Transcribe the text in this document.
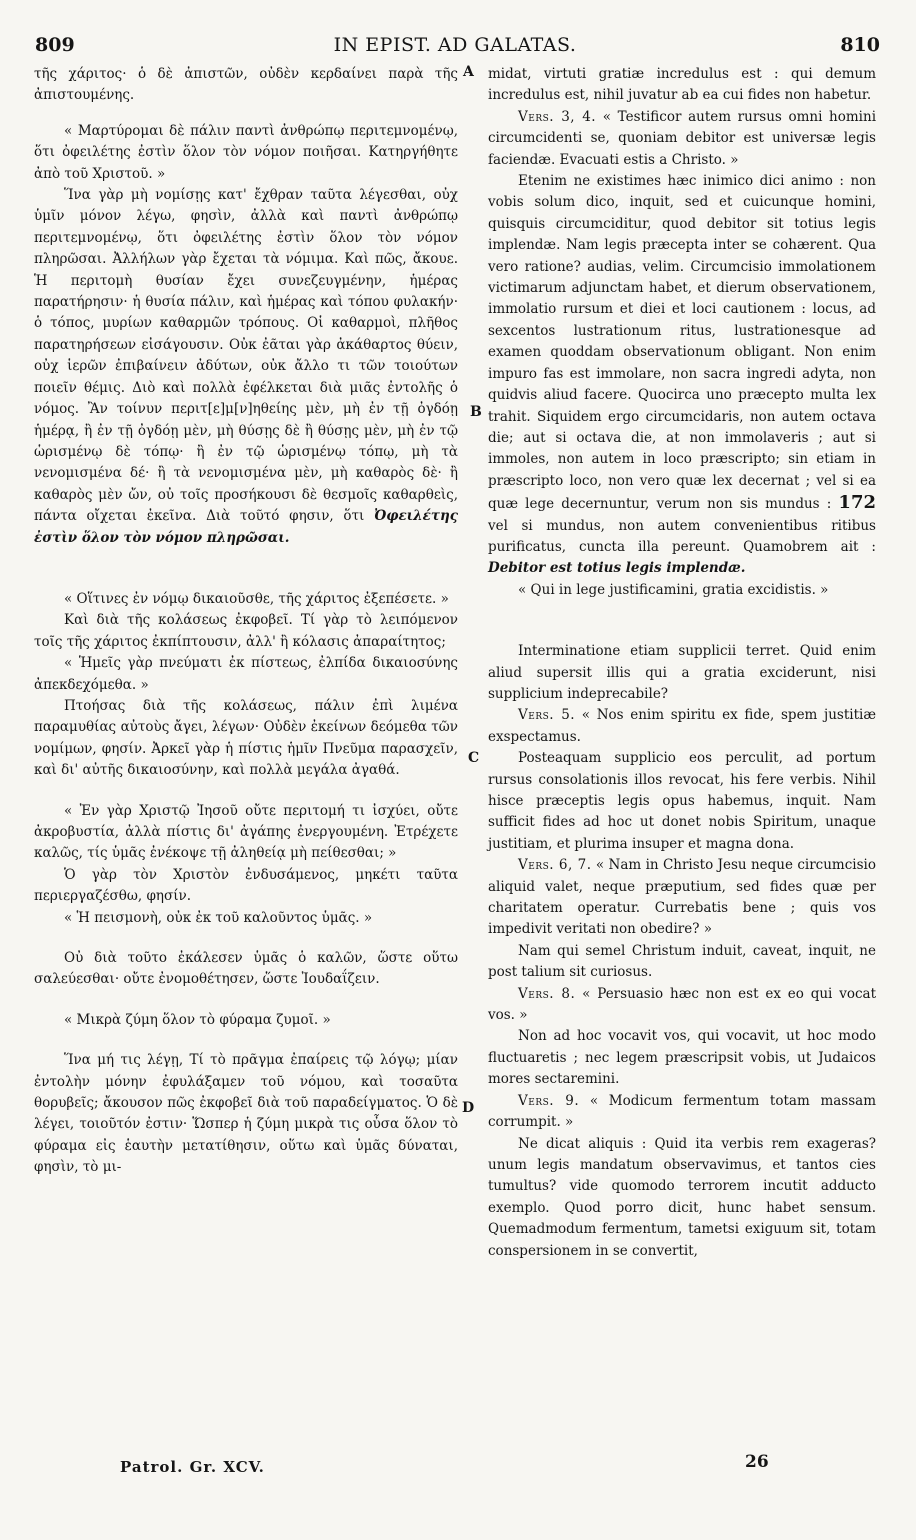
809	IN EPIST. AD GALATAS.	810

τῆς χάριτος· ὁ δὲ ἀπιστῶν, οὐδὲν κερδαίνει παρὰ τῆς ἀπιστουμένης.

« Μαρτύρομαι δὲ πάλιν παντὶ ἀνθρώπῳ περιτεμνομένῳ, ὅτι ὀφειλέτης ἐστὶν ὅλον τὸν νόμον ποιῆσαι. Κατηργήθητε ἀπὸ τοῦ Χριστοῦ. »

Ἵνα γὰρ μὴ νομίσῃς κατ' ἔχθραν ταῦτα λέγεσθαι, οὐχ ὑμῖν μόνον λέγω, φησὶν, ἀλλὰ καὶ παντὶ ἀνθρώπῳ περιτεμνομένῳ, ὅτι ὀφειλέτης ἐστὶν ὅλον τὸν νόμον πληρῶσαι. Ἀλλήλων γὰρ ἔχεται τὰ νόμιμα. Καὶ πῶς, ἄκουε. Ἡ περιτομὴ θυσίαν ἔχει συνεζευγμένην, ἡμέρας παρατήρησιν· ἡ θυσία πάλιν, καὶ ἡμέρας καὶ τόπου φυλακήν· ὁ τόπος, μυρίων καθαρμῶν τρόπους. Οἱ καθαρμοὶ, πλῆθος παρατηρήσεων εἰσάγουσιν. Οὐκ ἐᾶται γὰρ ἀκάθαρτος θύειν, οὐχ ἱερῶν ἐπιβαίνειν ἀδύτων, οὐκ ἄλλο τι τῶν τοιούτων ποιεῖν θέμις. Διὸ καὶ πολλὰ ἐφέλκεται διὰ μιᾶς ἐντολῆς ὁ νόμος. Ἂν τοίνυν περιτ[ε]μ[ν]ηθείης μὲν, μὴ ἐν τῇ ὀγδόῃ ἡμέρᾳ, ἢ ἐν τῇ ὀγδόῃ μὲν, μὴ θύσῃς δὲ ἢ θύσῃς μὲν, μὴ ἐν τῷ ὡρισμένῳ δὲ τόπῳ· ἢ ἐν τῷ ὡρισμένῳ τόπῳ, μὴ τὰ νενομισμένα δέ· ἢ τὰ νενομισμένα μὲν, μὴ καθαρὸς δὲ· ἢ καθαρὸς μὲν ὤν, οὐ τοῖς προσήκουσι δὲ θεσμοῖς καθαρθεὶς, πάντα οἴχεται ἐκεῖνα. Διὰ τοῦτό φησιν, ὅτι Ὀφειλέτης ἐστὶν ὅλον τὸν νόμον πληρῶσαι.

« Οἵτινες ἐν νόμῳ δικαιοῦσθε, τῆς χάριτος ἐξεπέσετε. »

Καὶ διὰ τῆς κολάσεως ἐκφοβεῖ. Τί γὰρ τὸ λειπόμενον τοῖς τῆς χάριτος ἐκπίπτουσιν, ἀλλ' ἢ κόλασις ἀπαραίτητος;

« Ἡμεῖς γὰρ πνεύματι ἐκ πίστεως, ἐλπίδα δικαιοσύνης ἀπεκδεχόμεθα. »

Πτοήσας διὰ τῆς κολάσεως, πάλιν ἐπὶ λιμένα παραμυθίας αὐτοὺς ἄγει, λέγων· Οὐδὲν ἐκείνων δεόμεθα τῶν νομίμων, φησίν. Ἀρκεῖ γὰρ ἡ πίστις ἡμῖν Πνεῦμα παρασχεῖν, καὶ δι' αὐτῆς δικαιοσύνην, καὶ πολλὰ μεγάλα ἀγαθά.

« Ἐν γὰρ Χριστῷ Ἰησοῦ οὔτε περιτομή τι ἰσχύει, οὔτε ἀκροβυστία, ἀλλὰ πίστις δι' ἀγάπης ἐνεργουμένη. Ἐτρέχετε καλῶς, τίς ὑμᾶς ἐνέκοψε τῇ ἀληθείᾳ μὴ πείθεσθαι; »

Ὁ γὰρ τὸν Χριστὸν ἐνδυσάμενος, μηκέτι ταῦτα περιεργαζέσθω, φησίν.

« Ἡ πεισμονὴ, οὐκ ἐκ τοῦ καλοῦντος ὑμᾶς. »

Οὐ διὰ τοῦτο ἐκάλεσεν ὑμᾶς ὁ καλῶν, ὥστε οὕτω σαλεύεσθαι· οὔτε ἐνομοθέτησεν, ὥστε Ἰουδαΐζειν.

« Μικρὰ ζύμη ὅλον τὸ φύραμα ζυμοῖ. »

Ἵνα μή τις λέγῃ, Τί τὸ πρᾶγμα ἐπαίρεις τῷ λόγῳ; μίαν ἐντολὴν μόνην ἐφυλάξαμεν τοῦ νόμου, καὶ τοσαῦτα θορυβεῖς; ἄκουσον πῶς ἐκφοβεῖ διὰ τοῦ παραδείγματος. Ὁ δὲ λέγει, τοιοῦτόν ἐστιν· Ὥσπερ ἡ ζύμη μικρὰ τις οὖσα ὅλον τὸ φύραμα εἰς ἑαυτὴν μετατίθησιν, οὕτω καὶ ὑμᾶς δύναται, φησὶν, τὸ μι-

A
B
C
D

midat, virtuti gratiæ incredulus est : qui demum incredulus est, nihil juvatur ab ea cui fides non habetur.

Vers. 3, 4. « Testificor autem rursus omni homini circumcidenti se, quoniam debitor est universæ legis faciendæ. Evacuati estis a Christo. »

Etenim ne existimes hæc inimico dici animo : non vobis solum dico, inquit, sed et cuicunque homini, quisquis circumciditur, quod debitor sit totius legis implendæ. Nam legis præcepta inter se cohærent. Qua vero ratione? audias, velim. Circumcisio immolationem victimarum adjunctam habet, et dierum observationem, immolatio rursum et diei et loci cautionem : locus, ad sexcentos lustrationum ritus, lustrationesque ad examen quoddam observationum obligant. Non enim impuro fas est immolare, non sacra ingredi adyta, non quidvis aliud facere. Quocirca uno præcepto multa lex trahit. Siquidem ergo circumcidaris, non autem octava die; aut si octava die, at non immolaveris ; aut si immoles, non autem in loco præscripto; sin etiam in præscripto loco, non vero quæ lex decernat ; vel si ea quæ lege decernuntur, verum non sis mundus : 172 vel si mundus, non autem convenientibus ritibus purificatus, cuncta illa pereunt. Quamobrem ait : Debitor est totius legis implendæ.

« Qui in lege justificamini, gratia excidistis. »

Interminatione etiam supplicii terret. Quid enim aliud supersit illis qui a gratia exciderunt, nisi supplicium indeprecabile?

Vers. 5. « Nos enim spiritu ex fide, spem justitiæ exspectamus.

Posteaquam supplicio eos perculit, ad portum rursus consolationis illos revocat, his fere verbis. Nihil hisce præceptis legis opus habemus, inquit. Nam sufficit fides ad hoc ut donet nobis Spiritum, unaque justitiam, et plurima insuper et magna dona.

Vers. 6, 7. « Nam in Christo Jesu neque circumcisio aliquid valet, neque præputium, sed fides quæ per charitatem operatur. Currebatis bene ; quis vos impedivit veritati non obedire? »

Nam qui semel Christum induit, caveat, inquit, ne post talium sit curiosus.

Vers. 8. « Persuasio hæc non est ex eo qui vocat vos. »

Non ad hoc vocavit vos, qui vocavit, ut hoc modo fluctuaretis ; nec legem præscripsit vobis, ut Judaicos mores sectaremini.

Vers. 9. « Modicum fermentum totam massam corrumpit. »

Ne dicat aliquis : Quid ita verbis rem exageras? unum legis mandatum observavimus, et tantos cies tumultus? vide quomodo terrorem incutit adducto exemplo. Quod porro dicit, hunc habet sensum. Quemadmodum fermentum, tametsi exiguum sit, totam conspersionem in se convertit,

Patrol. Gr. XCV.	26
